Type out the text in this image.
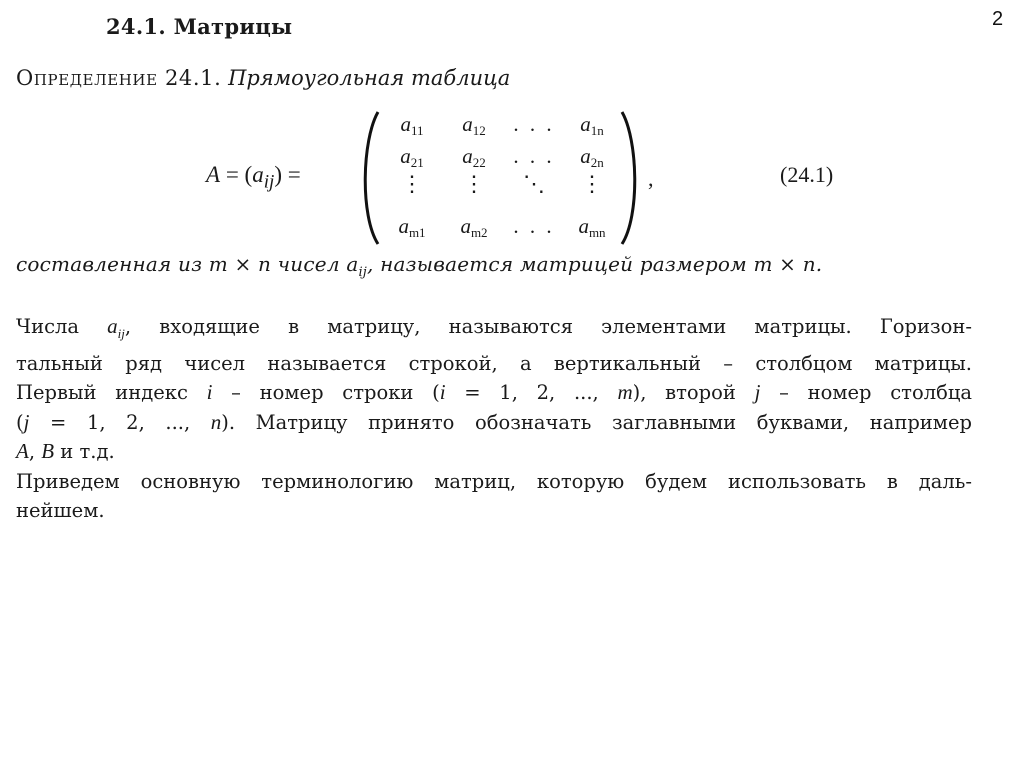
2
24.1. Матрицы
Определение 24.1. Прямоугольная таблица
$A = (a_{ij})$ =
$a_{11}$ $a_{12}$ . . . $a_{1n}$
$a_{21}$ $a_{22}$ . . . $a_{2n}$
⋮ ⋮ ⋱ ⋮
$a_{m1}$ $a_{m2}$ . . . $a_{mn}$
,	(24.1)
составленная из m × n чисел $a_{ij}$, называется матрицей размером m × n.
Числа $a_{ij}$, входящие в матрицу, называются элементами матрицы. Горизон-
тальный ряд чисел называется строкой, а вертикальный – столбцом матрицы.
Первый индекс i – номер строки (i = 1, 2, ..., m), второй j – номер столбца
(j = 1, 2, ..., n). Матрицу принято обозначать заглавными буквами, например
A, B и т.д.
Приведем основную терминологию матриц, которую будем использовать в даль-
нейшем.
